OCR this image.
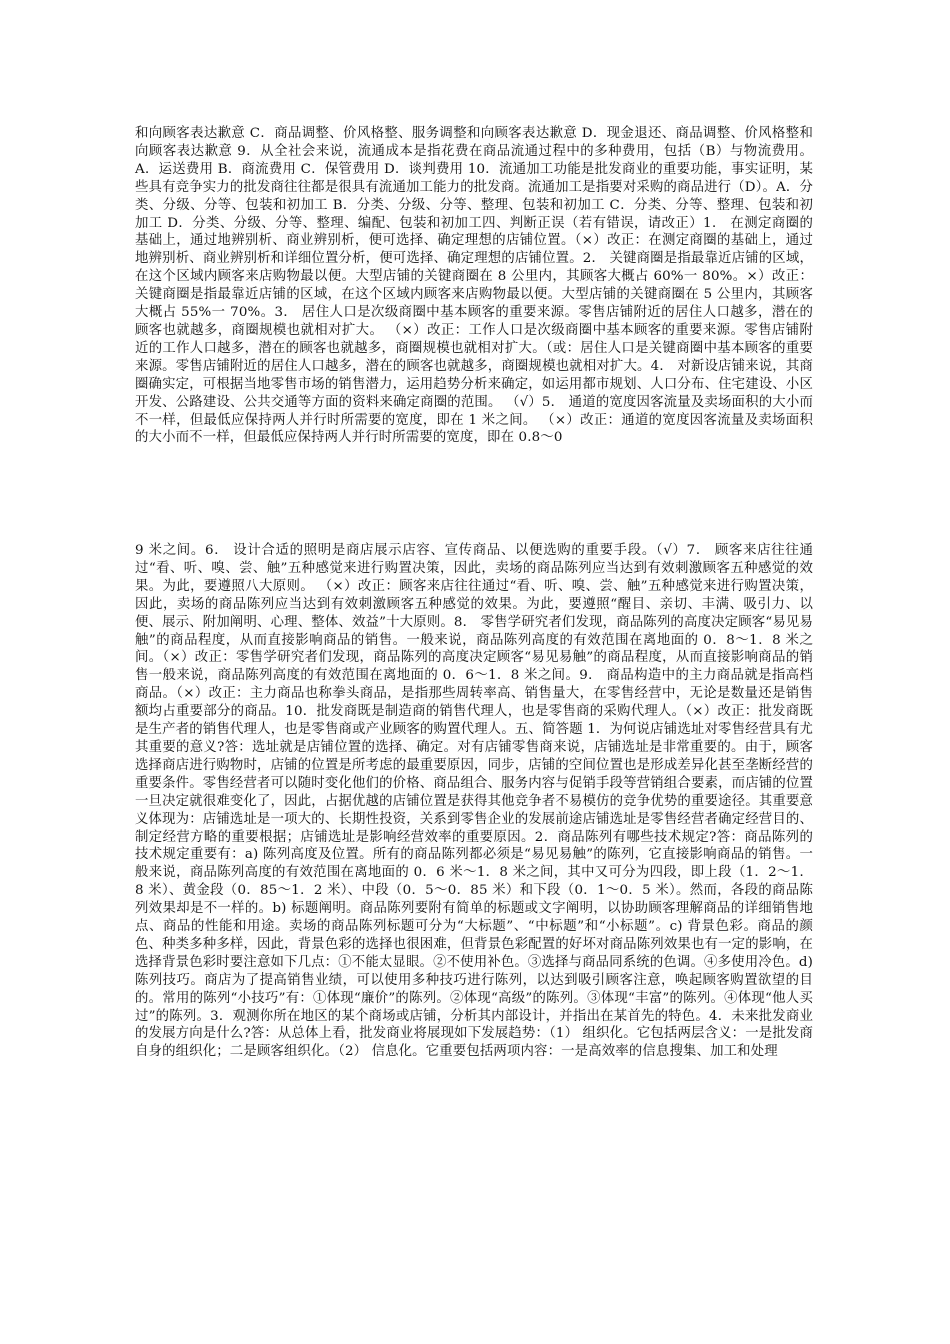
和向顾客表达歉意 C．商品调整、价风格整、服务调整和向顾客表达歉意 D．现金退还、商品调整、价风格整和向顾客表达歉意 9．从全社会来说，流通成本是指花费在商品流通过程中的多种费用，包括（B）与物流费用。A．运送费用 B．商流费用 C．保管费用 D．谈判费用 10．流通加工功能是批发商业的重要功能，事实证明，某些具有竞争实力的批发商往往都是很具有流通加工能力的批发商。流通加工是指要对采购的商品进行（D）。A．分类、分级、分等、包装和初加工 B．分类、分级、分等、整理、包装和初加工 C．分类、分等、整理、包装和初加工 D．分类、分级、分等、整理、编配、包装和初加工四、判断正误（若有错误，请改正）1． 在测定商圈的基础上，通过地辨别析、商业辨别析，便可选择、确定理想的店铺位置。（×）改正：在测定商圈的基础上，通过地辨别析、商业辨别析和详细位置分析，便可选择、确定理想的店铺位置。2． 关键商圈是指最靠近店铺的区域，在这个区域内顾客来店购物最以便。大型店铺的关键商圈在 8 公里内，其顾客大概占 60%一 80%。×）改正：关键商圈是指最靠近店铺的区域，在这个区域内顾客来店购物最以便。大型店铺的关键商圈在 5 公里内，其顾客大概占 55%一 70%。3． 居住人口是次级商圈中基本顾客的重要来源。零售店铺附近的居住人口越多，潜在的顾客也就越多，商圈规模也就相对扩大。 （×）改正：工作人口是次级商圈中基本顾客的重要来源。零售店铺附近的工作人口越多，潜在的顾客也就越多，商圈规模也就相对扩大。（或：居住人口是关键商圈中基本顾客的重要来源。零售店铺附近的居住人口越多，潜在的顾客也就越多，商圈规模也就相对扩大。4． 对新设店铺来说，其商圈确实定，可根据当地零售市场的销售潜力，运用趋势分析来确定，如运用都市规划、人口分布、住宅建设、小区开发、公路建设、公共交通等方面的资料来确定商圈的范围。 （√）5． 通道的宽度因客流量及卖场面积的大小而不一样，但最低应保持两人并行时所需要的宽度，即在 1 米之间。 （×）改正：通道的宽度因客流量及卖场面积的大小而不一样，但最低应保持两人并行时所需要的宽度，即在 0.8～0

9 米之间。6． 设计合适的照明是商店展示店容、宣传商品、以便选购的重要手段。（√）7． 顾客来店往往通过“看、听、嗅、尝、触”五种感觉来进行购置决策，因此，卖场的商品陈列应当达到有效刺激顾客五种感觉的效果。为此，要遵照八大原则。 （×）改正：顾客来店往往通过“看、听、嗅、尝、触”五种感觉来进行购置决策，因此，卖场的商品陈列应当达到有效刺激顾客五种感觉的效果。为此，要遵照“醒目、亲切、丰满、吸引力、以便、展示、附加阐明、心理、整体、效益”十大原则。8． 零售学研究者们发现，商品陈列的高度决定顾客“易见易触”的商品程度，从而直接影响商品的销售。一般来说，商品陈列高度的有效范围在离地面的 0．8～1．8 米之间。（×）改正：零售学研究者们发现，商品陈列的高度决定顾客“易见易触”的商品程度，从而直接影响商品的销售一般来说，商品陈列高度的有效范围在离地面的 0．6～1．8 米之间。9． 商品构造中的主力商品就是指高档商品。（×）改正：主力商品也称拳头商品，是指那些周转率高、销售量大，在零售经营中，无论是数量还是销售额均占重要部分的商品。10．批发商既是制造商的销售代理人，也是零售商的采购代理人。（×）改正：批发商既是生产者的销售代理人，也是零售商或产业顾客的购置代理人。五、简答题 1．为何说店铺选址对零售经营具有尤其重要的意义?答：选址就是店铺位置的选择、确定。对有店铺零售商来说，店铺选址是非常重要的。由于，顾客选择商店进行购物时，店铺的位置是所考虑的最重要原因，同步，店铺的空间位置也是形成差异化甚至垄断经营的重要条件。零售经营者可以随时变化他们的价格、商品组合、服务内容与促销手段等营销组合要素，而店铺的位置一旦决定就很难变化了，因此，占据优越的店铺位置是获得其他竞争者不易模仿的竞争优势的重要途径。其重要意义体现为：店铺选址是一项大的、长期性投资，关系到零售企业的发展前途店铺选址是零售经营者确定经营目的、制定经营方略的重要根据；店铺选址是影响经营效率的重要原因。2．商品陈列有哪些技术规定?答：商品陈列的技术规定重要有：a) 陈列高度及位置。所有的商品陈列都必须是“易见易触”的陈列，它直接影响商品的销售。一般来说，商品陈列高度的有效范围在离地面的 0．6 米～1．8 米之间，其中又可分为四段，即上段（1．2～1．8 米）、黄金段（0．85～1．2 米）、中段（0．5～0．85 米）和下段（0．1～0．5 米）。然而，各段的商品陈列效果却是不一样的。b) 标题阐明。商品陈列要附有简单的标题或文字阐明，以协助顾客理解商品的详细销售地点、商品的性能和用途。卖场的商品陈列标题可分为“大标题”、“中标题”和“小标题”。c) 背景色彩。商品的颜色、种类多种多样，因此，背景色彩的选择也很困难，但背景色彩配置的好坏对商品陈列效果也有一定的影响，在选择背景色彩时要注意如下几点：①不能太显眼。②不使用补色。③选择与商品同系统的色调。④多使用冷色。d) 陈列技巧。商店为了提高销售业绩，可以使用多种技巧进行陈列，以达到吸引顾客注意，唤起顾客购置欲望的目的。常用的陈列“小技巧”有：①体现“廉价”的陈列。②体现“高级”的陈列。③体现“丰富”的陈列。④体现“他人买过”的陈列。3．观测你所在地区的某个商场或店铺，分析其内部设计，并指出在某首先的特色。4．未来批发商业的发展方向是什么?答：从总体上看，批发商业将展现如下发展趋势：（1） 组织化。它包括两层含义：一是批发商自身的组织化；二是顾客组织化。（2） 信息化。它重要包括两项内容：一是高效率的信息搜集、加工和处理
